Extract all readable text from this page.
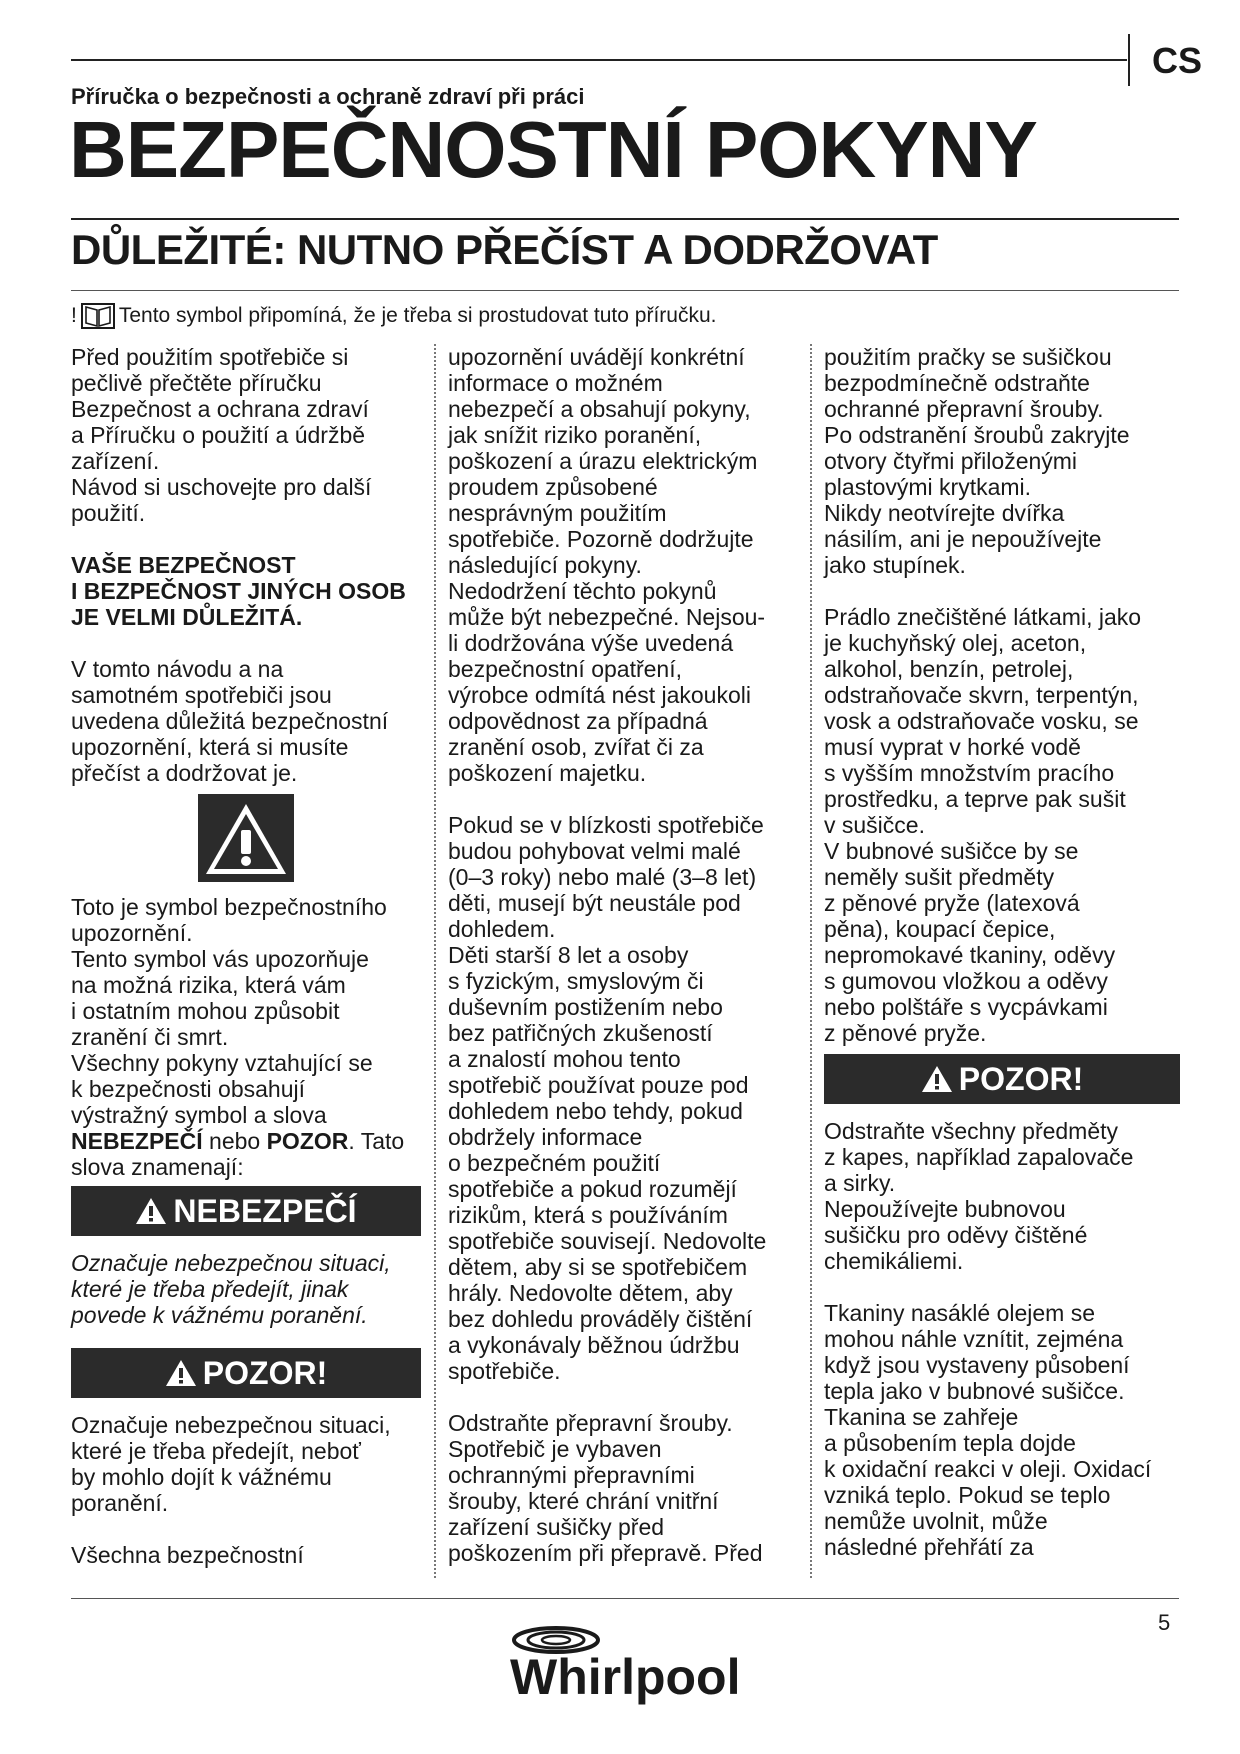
CS
Příručka o bezpečnosti a ochraně zdraví při práci
BEZPEČNOSTNÍ POKYNY
DŮLEŽITÉ: NUTNO PŘEČÍST A DODRŽOVAT
! Tento symbol připomíná, že je třeba si prostudovat tuto příručku.

Před použitím spotřebiče si

pečlivě přečtěte příručku

Bezpečnost a ochrana zdraví

a Příručku o použití a údržbě

zařízení.

Návod si uschovejte pro další

použití.

VAŠE BEZPEČNOST

I BEZPEČNOST JINÝCH OSOB

JE VELMI DŮLEŽITÁ.

V tomto návodu a na

samotném spotřebiči jsou

uvedena důležitá bezpečnostní

upozornění, která si musíte

přečíst a dodržovat je.

Toto je symbol bezpečnostního

upozornění.

Tento symbol vás upozorňuje

na možná rizika, která vám

i ostatním mohou způsobit

zranění či smrt.

Všechny pokyny vztahující se

k bezpečnosti obsahují

výstražný symbol a slova

NEBEZPEČÍ nebo POZOR. Tato

slova znamenají:

NEBEZPEČÍ

Označuje nebezpečnou situaci,

které je třeba předejít, jinak

povede k vážnému poranění.

POZOR!

Označuje nebezpečnou situaci,

které je třeba předejít, neboť

by mohlo dojít k vážnému

poranění.

Všechna bezpečnostní

upozornění uvádějí konkrétní

informace o možném

nebezpečí a obsahují pokyny,

jak snížit riziko poranění,

poškození a úrazu elektrickým

proudem způsobené

nesprávným použitím

spotřebiče. Pozorně dodržujte

následující pokyny.

Nedodržení těchto pokynů

může být nebezpečné. Nejsou-

li dodržována výše uvedená

bezpečnostní opatření,

výrobce odmítá nést jakoukoli

odpovědnost za případná

zranění osob, zvířat či za

poškození majetku.

Pokud se v blízkosti spotřebiče

budou pohybovat velmi malé

(0–3 roky) nebo malé (3–8 let)

děti, musejí být neustále pod

dohledem.

Děti starší 8 let a osoby

s fyzickým, smyslovým či

duševním postižením nebo

bez patřičných zkušeností

a znalostí mohou tento

spotřebič používat pouze pod

dohledem nebo tehdy, pokud

obdržely informace

o bezpečném použití

spotřebiče a pokud rozumějí

rizikům, která s používáním

spotřebiče souvisejí. Nedovolte

dětem, aby si se spotřebičem

hrály. Nedovolte dětem, aby

bez dohledu prováděly čištění

a vykonávaly běžnou údržbu

spotřebiče.

Odstraňte přepravní šrouby.

Spotřebič je vybaven

ochrannými přepravními

šrouby, které chrání vnitřní

zařízení sušičky před

poškozením při přepravě. Před

použitím pračky se sušičkou

bezpodmínečně odstraňte

ochranné přepravní šrouby.

Po odstranění šroubů zakryjte

otvory čtyřmi přiloženými

plastovými krytkami.

Nikdy neotvírejte dvířka

násilím, ani je nepoužívejte

jako stupínek.

Prádlo znečištěné látkami, jako

je kuchyňský olej, aceton,

alkohol, benzín, petrolej,

odstraňovače skvrn, terpentýn,

vosk a odstraňovače vosku, se

musí vyprat v horké vodě

s vyšším množstvím pracího

prostředku, a teprve pak sušit

v sušičce.

V bubnové sušičce by se

neměly sušit předměty

z pěnové pryže (latexová

pěna), koupací čepice,

nepromokavé tkaniny, oděvy

s gumovou vložkou a oděvy

nebo polštáře s vycpávkami

z pěnové pryže.

POZOR!

Odstraňte všechny předměty

z kapes, například zapalovače

a sirky.

Nepoužívejte bubnovou

sušičku pro oděvy čištěné

chemikáliemi.

Tkaniny nasáklé olejem se

mohou náhle vznítit, zejména

když jsou vystaveny působení

tepla jako v bubnové sušičce.

Tkanina se zahřeje

a působením tepla dojde

k oxidační reakci v oleji. Oxidací

vzniká teplo. Pokud se teplo

nemůže uvolnit, může

následné přehřátí za

5
Whirlpool
